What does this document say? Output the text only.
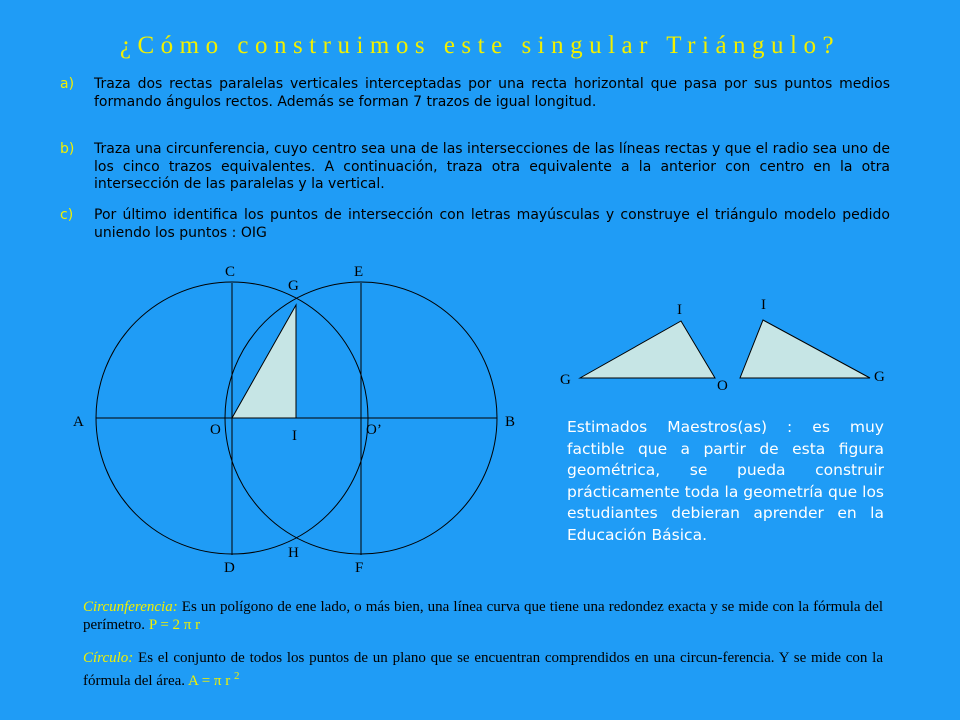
¿Cómo construimos este singular Triángulo?
a) Traza dos rectas paralelas verticales interceptadas por una recta horizontal que pasa por sus puntos medios formando ángulos rectos. Además se forman 7 trazos de igual longitud.
b) Traza una circunferencia, cuyo centro sea una de las intersecciones de las líneas rectas y que el radio sea uno de los cinco trazos equivalentes. A continuación, traza otra equivalente a la anterior con centro en la otra intersección de las paralelas y la vertical.
c) Por último identifica los puntos de intersección con letras mayúsculas y construye el triángulo modelo pedido uniendo los puntos : OIG
C	E
G
A	B
O	I	O’
H
D	F
I
G	O
I
G
Estimados Maestros(as) : es muy factible que a partir de esta figura geométrica, se pueda construir prácticamente toda la geometría que los estudiantes debieran aprender en la Educación Básica.
Circunferencia: Es un polígono de ene lado, o más bien, una línea curva que tiene una redondez exacta y se mide con la fórmula del perímetro. P = 2 π r
Círculo: Es el conjunto de todos los puntos de un plano que se encuentran comprendidos en una circun-ferencia. Y se mide con la fórmula del área. A = π r $^2$
